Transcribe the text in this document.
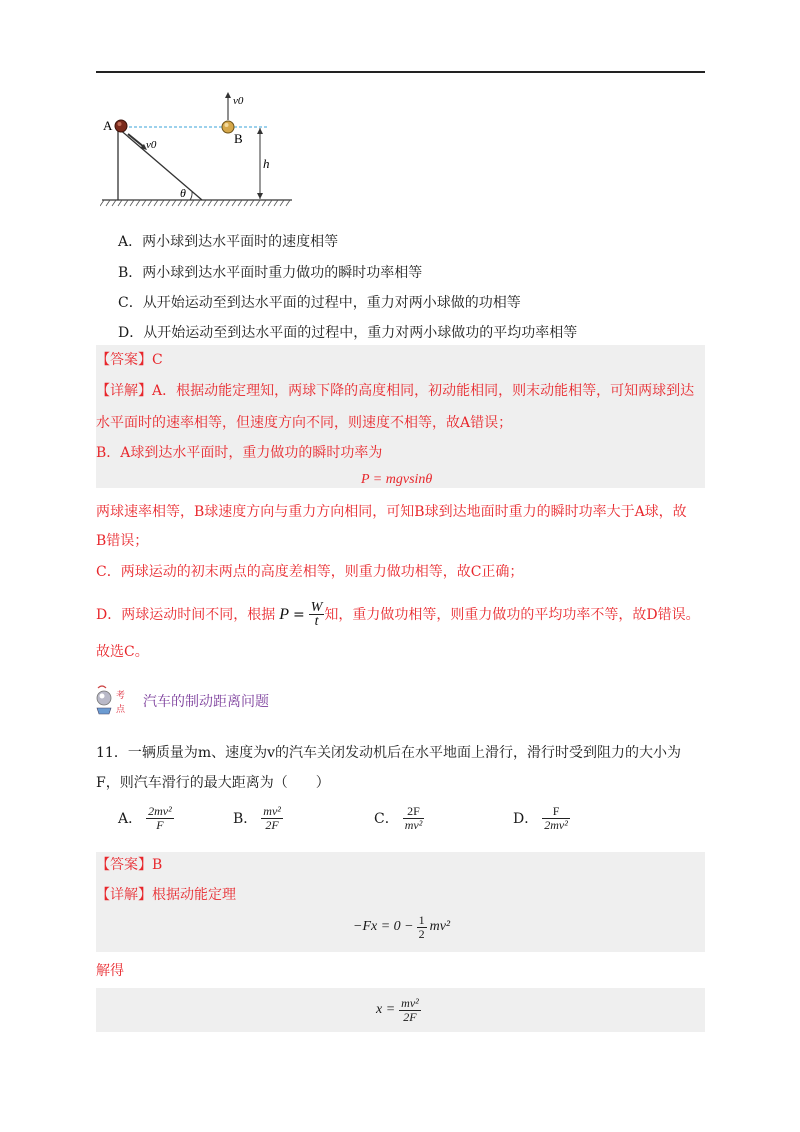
A
B
v0
v0
θ
h
A．两小球到达水平面时的速度相等
B．两小球到达水平面时重力做功的瞬时功率相等
C．从开始运动至到达水平面的过程中，重力对两小球做的功相等
D．从开始运动至到达水平面的过程中，重力对两小球做功的平均功率相等
【答案】C
【详解】A．根据动能定理知，两球下降的高度相同，初动能相同，则末动能相等，可知两球到达
水平面时的速率相等，但速度方向不同，则速度不相等，故A错误；
B．A球到达水平面时，重力做功的瞬时功率为
P = mgvsinθ
两球速率相等，B球速度方向与重力方向相同，可知B球到达地面时重力的瞬时功率大于A球，故
B错误；
C．两球运动的初末两点的高度差相等，则重力做功相等，故C正确；
D．两球运动时间不同，根据 $P = \frac{W}{t}$ 知，重力做功相等，则重力做功的平均功率不等，故D错误。
故选C。
考
点 汽车的制动距离问题
11．一辆质量为m、速度为v的汽车关闭发动机后在水平地面上滑行，滑行时受到阻力的大小为
F，则汽车滑行的最大距离为（　　）
A． $\frac{\text{2mv²}}{F}$	B． $\frac{\text{mv²}}{2F}$	C． $\frac{2F}{\text{mv²}}$	D． $\frac{F}{\text{2mv²}}$
【答案】B
【详解】根据动能定理
$-Fx = 0 - \frac{1}{2} mv^2$
解得
$x = \frac{\text{mv²}}{2F}$
